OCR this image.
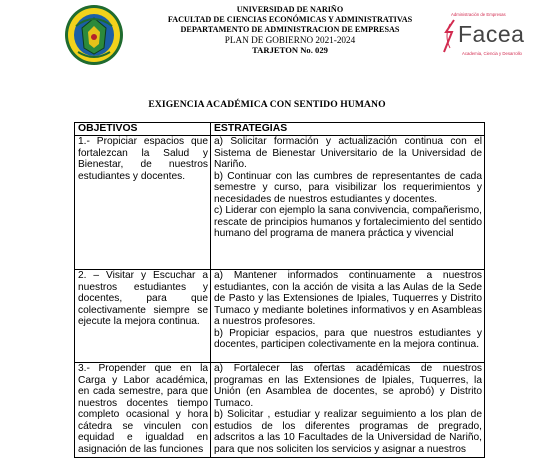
UNIVERSIDAD DE NARIÑO
FACULTAD DE CIENCIAS ECONÓMICAS Y ADMINISTRATIVAS
DEPARTAMENTO DE ADMINISTRACION DE EMPRESAS
PLAN DE GOBIERNO 2021-2024
TARJETON No. 029
Administración de Empresas
Facea
Academia, Ciencia y Desarrollo
EXIGENCIA ACADÉMICA CON SENTIDO HUMANO
OBJETIVOS	ESTRATEGIAS
1.- Propiciar espacios que fortalezcan la Salud y Bienestar, de nuestros estudiantes y docentes.	a) Solicitar formación y actualización continua con el Sistema de Bienestar Universitario de la Universidad de Nariño.

b) Continuar con las cumbres de representantes de cada semestre y curso, para visibilizar los requerimientos y necesidades de nuestros estudiantes y docentes.

c) Liderar con ejemplo la sana convivencia, compañerismo, rescate de principios humanos y fortalecimiento del sentido humano del programa de manera práctica y vivencial

2. – Visitar y Escuchar a nuestros estudiantes y docentes, para que colectivamente siempre se ejecute la mejora continua.	a) Mantener informados continuamente a nuestros estudiantes, con la acción de visita a las Aulas de la Sede de Pasto y las Extensiones de Ipiales, Tuquerres y Distrito Tumaco y mediante boletines informativos y en Asambleas a nuestros profesores.

b) Propiciar espacios, para que nuestros estudiantes y docentes, participen colectivamente en la mejora continua.

3.- Propender que en la Carga y Labor académica, en cada semestre, para que nuestros docentes tiempo completo ocasional y hora cátedra se vinculen con equidad e igualdad en asignación de las funciones	a) Fortalecer las ofertas académicas de nuestros programas en las Extensiones de Ipiales, Tuquerres, la Unión (en Asamblea de docentes, se aprobó) y Distrito Tumaco.

b) Solicitar , estudiar y realizar seguimiento a los plan de estudios de los diferentes programas de pregrado, adscritos a las 10 Facultades de la Universidad de Nariño, para que nos soliciten los servicios y asignar a nuestros
